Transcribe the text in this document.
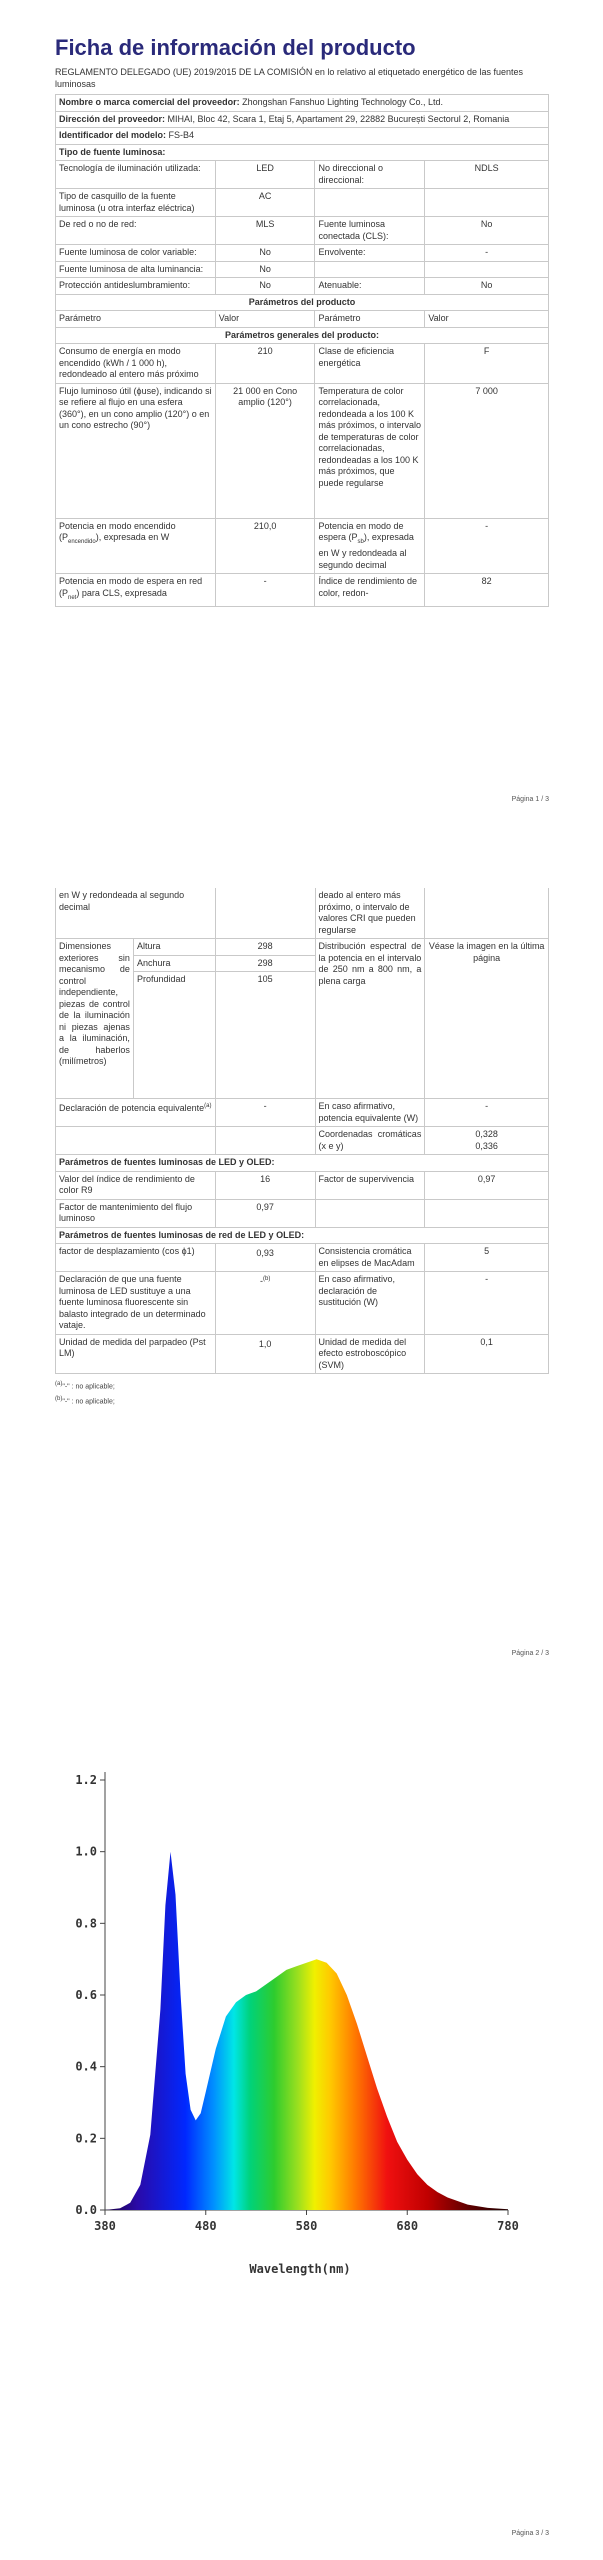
Ficha de información del producto
REGLAMENTO DELEGADO (UE) 2019/2015 DE LA COMISIÓN en lo relativo al etiquetado energético de las fuentes luminosas
Nombre o marca comercial del proveedor: Zhongshan Fanshuo Lighting Technology Co., Ltd.			
Dirección del proveedor: MIHAI, Bloc 42, Scara 1, Etaj 5, Apartament 29, 22882 București Sectorul 2, Romania			
Identificador del modelo: FS-B4			
Tipo de fuente luminosa:			
Tecnología de iluminación utilizada:	LED	No direccional o direccional:	NDLS
Tipo de casquillo de la fuente luminosa (u otra interfaz eléctrica)	AC		
De red o no de red:	MLS	Fuente luminosa conectada (CLS):	No
Fuente luminosa de color variable:	No	Envolvente:	-
Fuente luminosa de alta luminancia:	No		
Protección antideslumbramiento:	No	Atenuable:	No
Parámetros del producto			
Parámetro	Valor	Parámetro	Valor
Parámetros generales del producto:			
Consumo de energía en modo encendido (kWh / 1 000 h), redondeado al entero más próximo	210	Clase de eficiencia energética	F
Flujo luminoso útil (ϕuse), indicando si se refiere al flujo en una esfera (360°), en un cono amplio (120°) o en un cono estrecho (90°)	21 000 en Cono amplio (120°)	Temperatura de color correlacionada, redondeada a los 100 K más próximos, o intervalo de temperaturas de color correlacionadas, redondeadas a los 100 K más próximos, que puede regularse	7 000
Potencia en modo encendido $(P_{encendido})$, expresada en W	210,0	Potencia en modo de espera $(P_{sb})$, expresada en W y redondeada al segundo decimal	-
Potencia en modo de espera en red $(P_{net})$ para CLS, expresada	-	Índice de rendimiento de color, redon-	82
Página 1 / 3
en W y redondeada al segundo decimal			deado al entero más próximo, o intervalo de valores CRI que pueden regularse	
Dimensiones exteriores sin mecanismo de control independiente, piezas de control de la iluminación ni piezas ajenas a la iluminación, de haberlos (milímetros)	Altura	298	Distribución espectral de la potencia en el intervalo de 250 nm a 800 nm, a plena carga	Véase la imagen en la última página
	Anchura	298		
	Profundidad	105		
Declaración de potencia equivalente$^{(a)}$		-	En caso afirmativo, potencia equivalente (W)	-
			Coordenadas cromáticas (x e y)	0,328
0,336

Parámetros de fuentes luminosas de LED y OLED:				
Valor del índice de rendimiento de color R9		16	Factor de supervivencia	0,97
Factor de mantenimiento del flujo luminoso		0,97		
Parámetros de fuentes luminosas de red de LED y OLED:				
factor de desplazamiento (cos ϕ1)		0,93	Consistencia cromática en elipses de MacAdam	5
Declaración de que una fuente luminosa de LED sustituye a una fuente luminosa fluorescente sin balasto integrado de un determinado vataje.		-$^{(b)}$	En caso afirmativo, declaración de sustitución (W)	-
Unidad de medida del parpadeo (Pst LM)		1,0	Unidad de medida del efecto estroboscópico (SVM)	0,1
$^{(a)}$"-" : no aplicable;
$^{(b)}$"-" : no aplicable;
Página 2 / 3
0.0
0.2
0.4
0.6
0.8
1.0
1.2
380	480	580	680	780
Wavelength(nm)
Página 3 / 3
